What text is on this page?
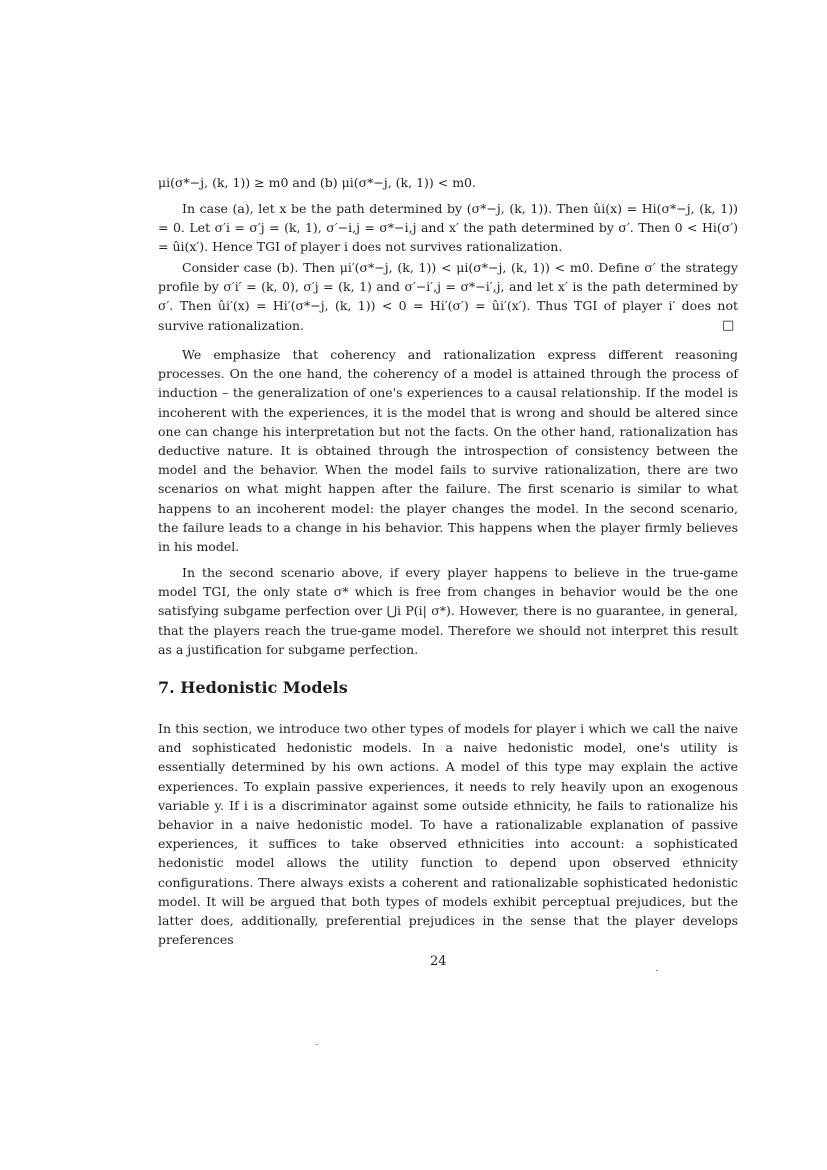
μi(σ*−j, (k, 1)) ≥ m0 and (b) μi(σ*−j, (k, 1)) < m0.

In case (a), let x be the path determined by (σ*−j, (k, 1)). Then ûi(x) = Hi(σ*−j, (k, 1)) = 0. Let σ′i = σ′j = (k, 1), σ′−i,j = σ*−i,j and x′ the path determined by σ′. Then 0 < Hi(σ′) = ûi(x′). Hence TGI of player i does not survives rationalization.

Consider case (b). Then μi′(σ*−j, (k, 1)) < μi(σ*−j, (k, 1)) < m0. Define σ′ the strategy profile by σ′i′ = (k, 0), σ′j = (k, 1) and σ′−i′,j = σ*−i′,j, and let x′ is the path determined by σ′. Then ûi′(x) = Hi′(σ*−j, (k, 1)) < 0 = Hi′(σ′) = ûi′(x′). Thus TGI of player i′ does not survive rationalization.	□

We emphasize that coherency and rationalization express different reasoning processes. On the one hand, the coherency of a model is attained through the process of induction – the generalization of one's experiences to a causal relationship. If the model is incoherent with the experiences, it is the model that is wrong and should be altered since one can change his interpretation but not the facts. On the other hand, rationalization has deductive nature. It is obtained through the introspection of consistency between the model and the behavior. When the model fails to survive rationalization, there are two scenarios on what might happen after the failure. The first scenario is similar to what happens to an incoherent model: the player changes the model. In the second scenario, the failure leads to a change in his behavior. This happens when the player firmly believes in his model.

In the second scenario above, if every player happens to believe in the true-game model TGI, the only state σ* which is free from changes in behavior would be the one satisfying subgame perfection over ⋃i P(i| σ*). However, there is no guarantee, in general, that the players reach the true-game model. Therefore we should not interpret this result as a justification for subgame perfection.

7. Hedonistic Models

In this section, we introduce two other types of models for player i which we call the naive and sophisticated hedonistic models. In a naive hedonistic model, one's utility is essentially determined by his own actions. A model of this type may explain the active experiences. To explain passive experiences, it needs to rely heavily upon an exogenous variable y. If i is a discriminator against some outside ethnicity, he fails to rationalize his behavior in a naive hedonistic model. To have a rationalizable explanation of passive experiences, it suffices to take observed ethnicities into account: a sophisticated hedonistic model allows the utility function to depend upon observed ethnicity configurations. There always exists a coherent and rationalizable sophisticated hedonistic model. It will be argued that both types of models exhibit perceptual prejudices, but the latter does, additionally, preferential prejudices in the sense that the player develops preferences

24
